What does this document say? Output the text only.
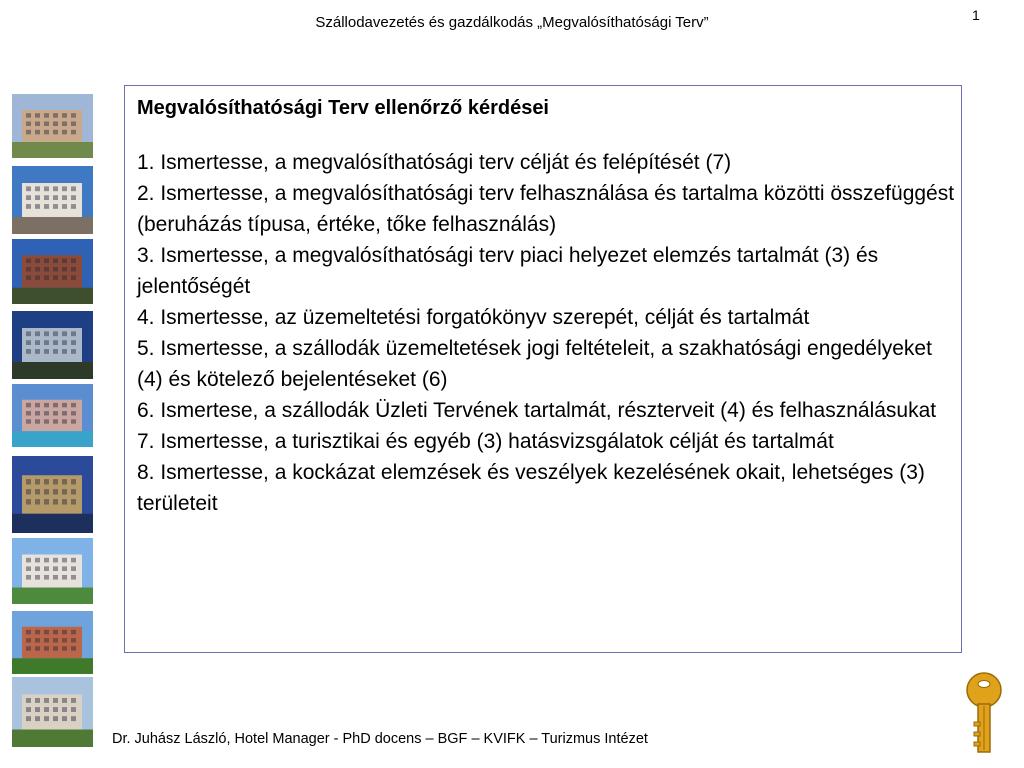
Szállodavezetés és gazdálkodás „Megvalósíthatósági Terv”	1

Megvalósíthatósági Terv ellenőrző kérdései

1. Ismertesse, a megvalósíthatósági terv célját és felépítését (7)

2. Ismertesse, a megvalósíthatósági terv felhasználása és tartalma közötti összefüggést (beruházás típusa, értéke, tőke felhasználás)

3. Ismertesse, a megvalósíthatósági terv piaci helyezet elemzés tartalmát (3) és jelentőségét

4. Ismertesse, az üzemeltetési forgatókönyv szerepét, célját és tartalmát

5. Ismertesse, a szállodák üzemeltetések jogi feltételeit, a szakhatósági engedélyeket (4) és kötelező bejelentéseket (6)

6. Ismertese, a szállodák Üzleti Tervének tartalmát, részterveit (4) és felhasználásukat

7. Ismertesse, a turisztikai és egyéb (3) hatásvizsgálatok célját és tartalmát

8. Ismertesse, a kockázat elemzések és veszélyek kezelésének okait, lehetséges (3) területeit

Dr. Juhász László, Hotel Manager - PhD docens – BGF – KVIFK – Turizmus Intézet
